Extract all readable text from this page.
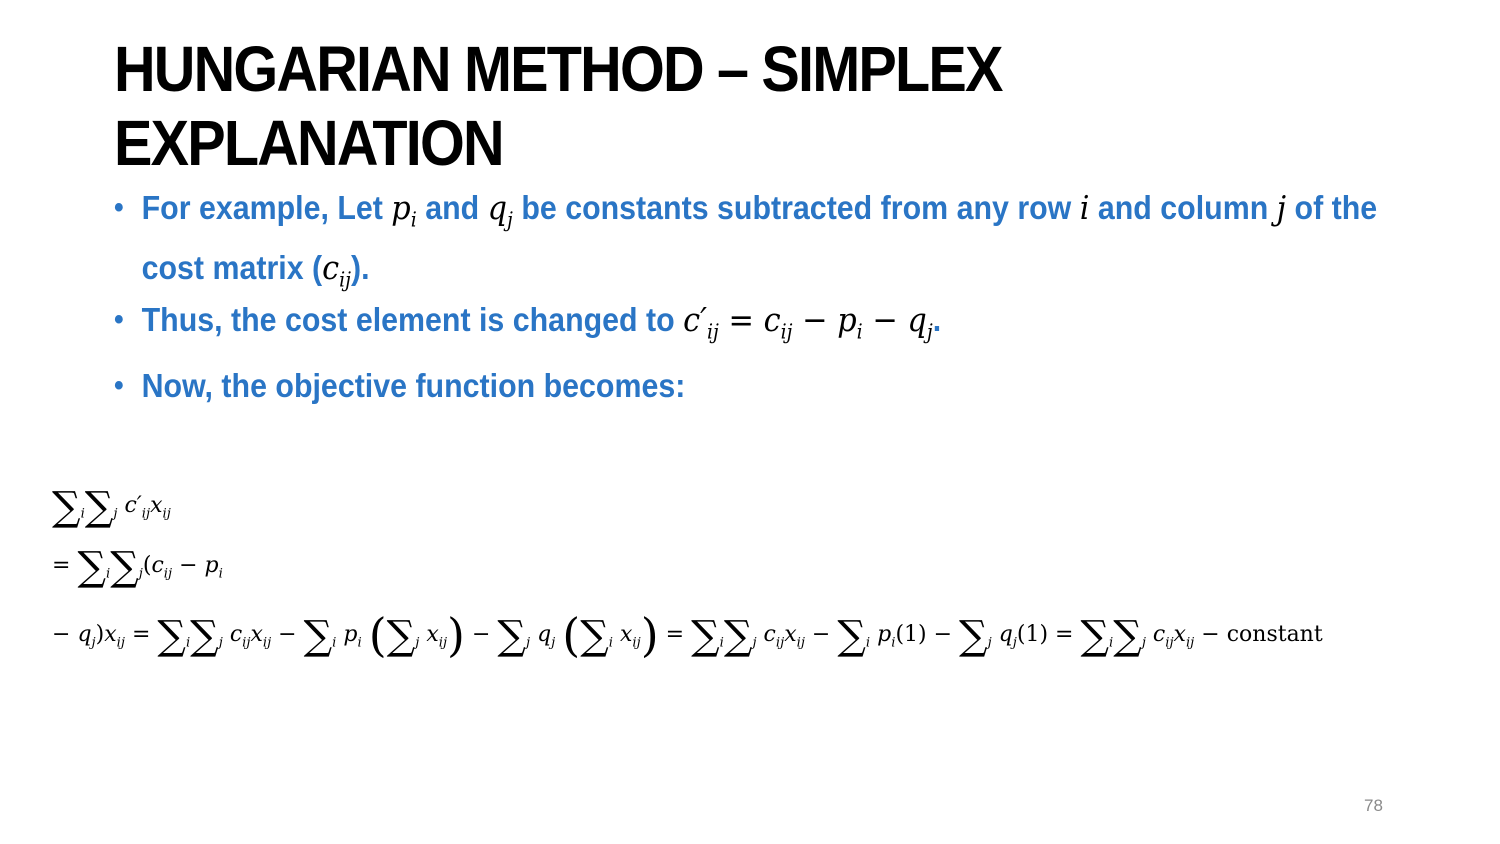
HUNGARIAN METHOD – SIMPLEX
EXPLANATION
• For example, Let $p_i$ and $q_j$ be constants subtracted from any row i and column j of the
cost matrix $(c_{ij})$.
• Thus, the cost element is changed to $c'_{ij} = c_{ij} - p_i - q_j$.
• Now, the objective function becomes:
$\sum_i\sum_j$ $c'_{ij}x_{ij}$
= $\sum_i\sum_j(c_{ij} - p_i$
− $q_j)x_{ij} = \sum_i\sum_j$ $c_{ij}x_{ij} - \sum_i$ $p_i$ ($\sum_j$ $x_{ij}) - \sum_j$ $q_j$ ($\sum_i$ $x_{ij}) = \sum_i\sum_j$ $c_{ij}x_{ij} - \sum_i$ $p_i(1) - \sum_j$ $q_j(1) = \sum_i\sum_j$ $c_{ij}x_{ij}$ − constant
78
